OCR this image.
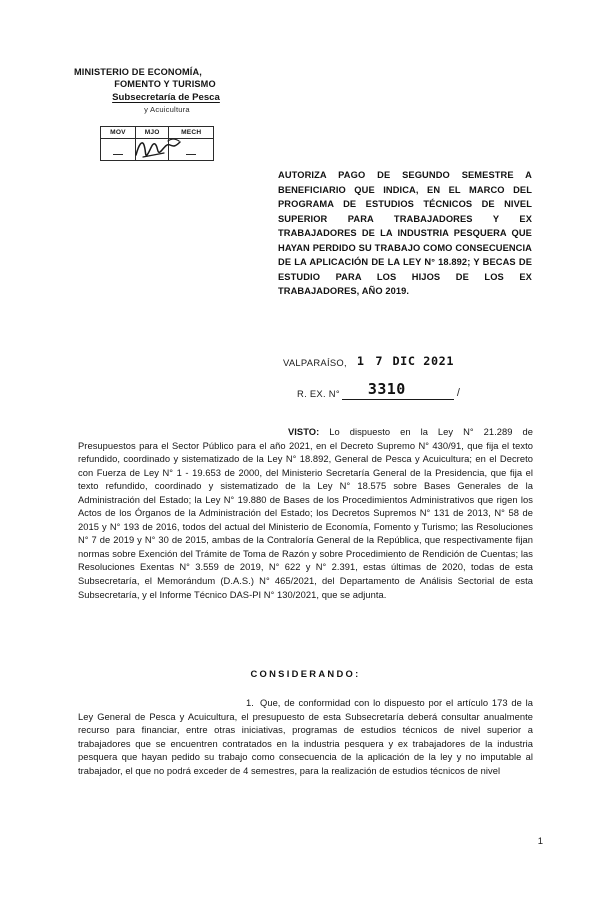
MINISTERIO DE ECONOMÍA,
FOMENTO Y TURISMO
Subsecretaría de Pesca
y Acuicultura
MOV	MJO	MECH

AUTORIZA PAGO DE SEGUNDO SEMESTRE A BENEFICIARIO QUE INDICA, EN EL MARCO DEL PROGRAMA DE ESTUDIOS TÉCNICOS DE NIVEL SUPERIOR PARA TRABAJADORES Y EX TRABAJADORES DE LA INDUSTRIA PESQUERA QUE HAYAN PERDIDO SU TRABAJO COMO CONSECUENCIA DE LA APLICACIÓN DE LA LEY N° 18.892; Y BECAS DE ESTUDIO PARA LOS HIJOS DE LOS EX TRABAJADORES, AÑO 2019.
VALPARAÍSO, 1 7 DIC 2021
R. EX. N° 3310	/

VISTO: Lo dispuesto en la Ley N° 21.289 de Presupuestos para el Sector Público para el año 2021, en el Decreto Supremo N° 430/91, que fija el texto refundido, coordinado y sistematizado de la Ley N° 18.892, General de Pesca y Acuicultura; en el Decreto con Fuerza de Ley N° 1 - 19.653 de 2000, del Ministerio Secretaría General de la Presidencia, que fija el texto refundido, coordinado y sistematizado de la Ley N° 18.575 sobre Bases Generales de la Administración del Estado; la Ley N° 19.880 de Bases de los Procedimientos Administrativos que rigen los Actos de los Órganos de la Administración del Estado; los Decretos Supremos N° 131 de 2013, N° 58 de 2015 y N° 193 de 2016, todos del actual del Ministerio de Economía, Fomento y Turismo; las Resoluciones N° 7 de 2019 y N° 30 de 2015, ambas de la Contraloría General de la República, que respectivamente fijan normas sobre Exención del Trámite de Toma de Razón y sobre Procedimiento de Rendición de Cuentas; las Resoluciones Exentas N° 3.559 de 2019, N° 622 y N° 2.391, estas últimas de 2020, todas de esta Subsecretaría, el Memorándum (D.A.S.) N° 465/2021, del Departamento de Análisis Sectorial de esta Subsecretaría, y el Informe Técnico DAS-PI N° 130/2021, que se adjunta.

CONSIDERANDO:
1. Que, de conformidad con lo dispuesto por el artículo 173 de la Ley General de Pesca y Acuicultura, el presupuesto de esta Subsecretaría deberá consultar anualmente recurso para financiar, entre otras iniciativas, programas de estudios técnicos de nivel superior a trabajadores que se encuentren contratados en la industria pesquera y ex trabajadores de la industria pesquera que hayan pedido su trabajo como consecuencia de la aplicación de la ley y no imputable al trabajador, el que no podrá exceder de 4 semestres, para la realización de estudios técnicos de nivel
1
